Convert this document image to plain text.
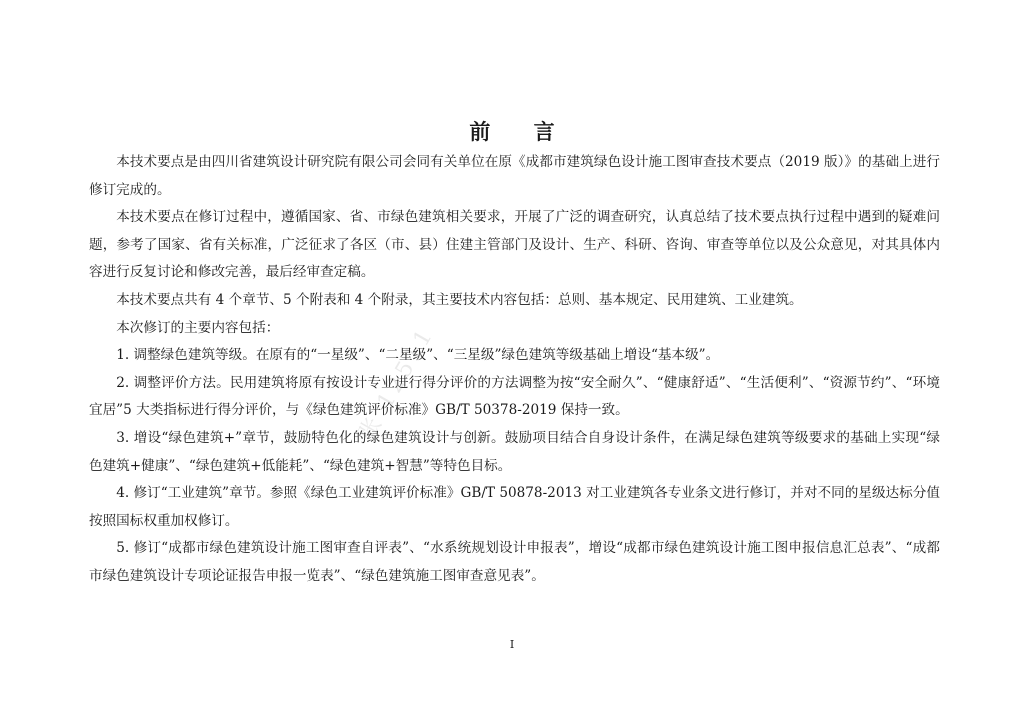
张 12511
前 言

本技术要点是由四川省建筑设计研究院有限公司会同有关单位在原《成都市建筑绿色设计施工图审查技术要点（2019 版）》的基础上进行修订完成的。

本技术要点在修订过程中，遵循国家、省、市绿色建筑相关要求，开展了广泛的调查研究，认真总结了技术要点执行过程中遇到的疑难问题，参考了国家、省有关标准，广泛征求了各区（市、县）住建主管部门及设计、生产、科研、咨询、审查等单位以及公众意见，对其具体内容进行反复讨论和修改完善，最后经审查定稿。

本技术要点共有 4 个章节、5 个附表和 4 个附录，其主要技术内容包括：总则、基本规定、民用建筑、工业建筑。

本次修订的主要内容包括：

1. 调整绿色建筑等级。在原有的“一星级”、“二星级”、“三星级”绿色建筑等级基础上增设“基本级”。

2. 调整评价方法。民用建筑将原有按设计专业进行得分评价的方法调整为按“安全耐久”、“健康舒适”、“生活便利”、“资源节约”、“环境宜居”5 大类指标进行得分评价，与《绿色建筑评价标准》GB/T 50378-2019 保持一致。

3. 增设“绿色建筑+”章节，鼓励特色化的绿色建筑设计与创新。鼓励项目结合自身设计条件，在满足绿色建筑等级要求的基础上实现“绿色建筑+健康”、“绿色建筑+低能耗”、“绿色建筑+智慧”等特色目标。

4. 修订“工业建筑”章节。参照《绿色工业建筑评价标准》GB/T 50878-2013 对工业建筑各专业条文进行修订，并对不同的星级达标分值按照国标权重加权修订。

5. 修订“成都市绿色建筑设计施工图审查自评表”、“水系统规划设计申报表”，增设“成都市绿色建筑设计施工图申报信息汇总表”、“成都市绿色建筑设计专项论证报告申报一览表”、“绿色建筑施工图审查意见表”。

I
